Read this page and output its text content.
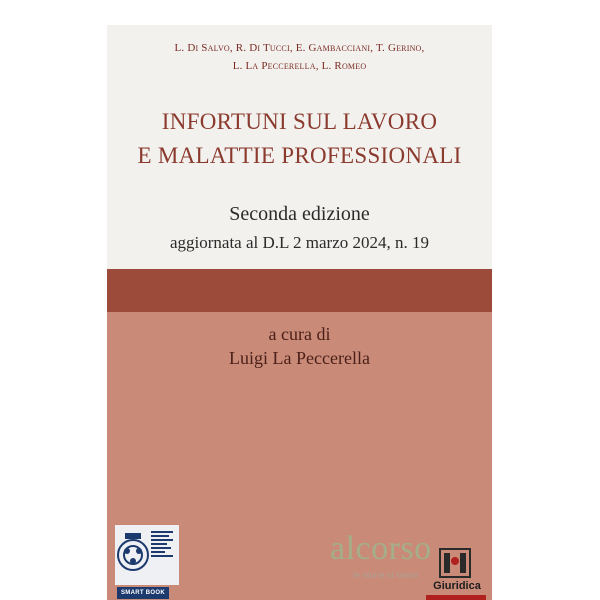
L. Di Salvo, R. Di Tucci, E. Gambacciani, T. Gerino,
L. La Peccerella, L. Romeo
INFORTUNI SUL LAVORO
E MALATTIE PROFESSIONALI
Seconda edizione
aggiornata al D.L 2 marzo 2024, n. 19
a cura di
Luigi La Peccerella
SMART BOOK
Giuridica
alcorso
le storie si fanno
